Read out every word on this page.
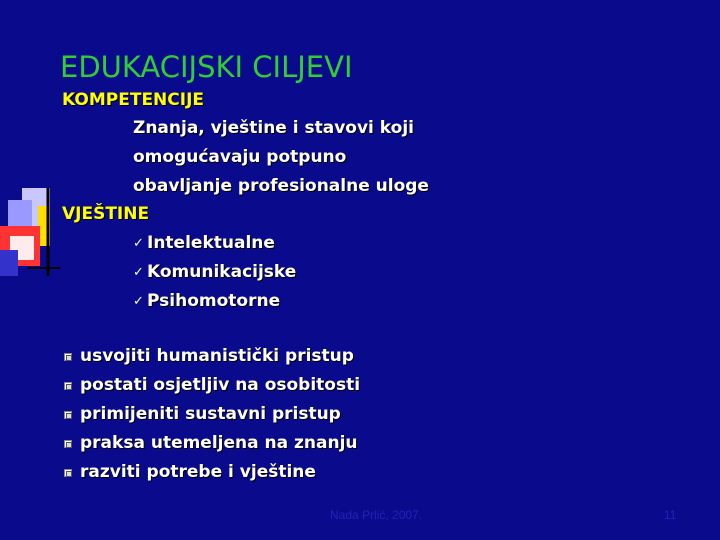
EDUKACIJSKI CILJEVI
KOMPETENCIJE
Znanja, vještine i stavovi koji
omogućavaju potpuno
obavljanje profesionalne uloge
VJEŠTINE
✓ Intelektualne
✓ Komunikacijske
✓ Psihomotorne
usvojiti humanistički pristup
postati osjetljiv na osobitosti
primijeniti sustavni pristup
praksa utemeljena na znanju
razviti potrebe i vještine
Nada Prlić, 2007.	11
